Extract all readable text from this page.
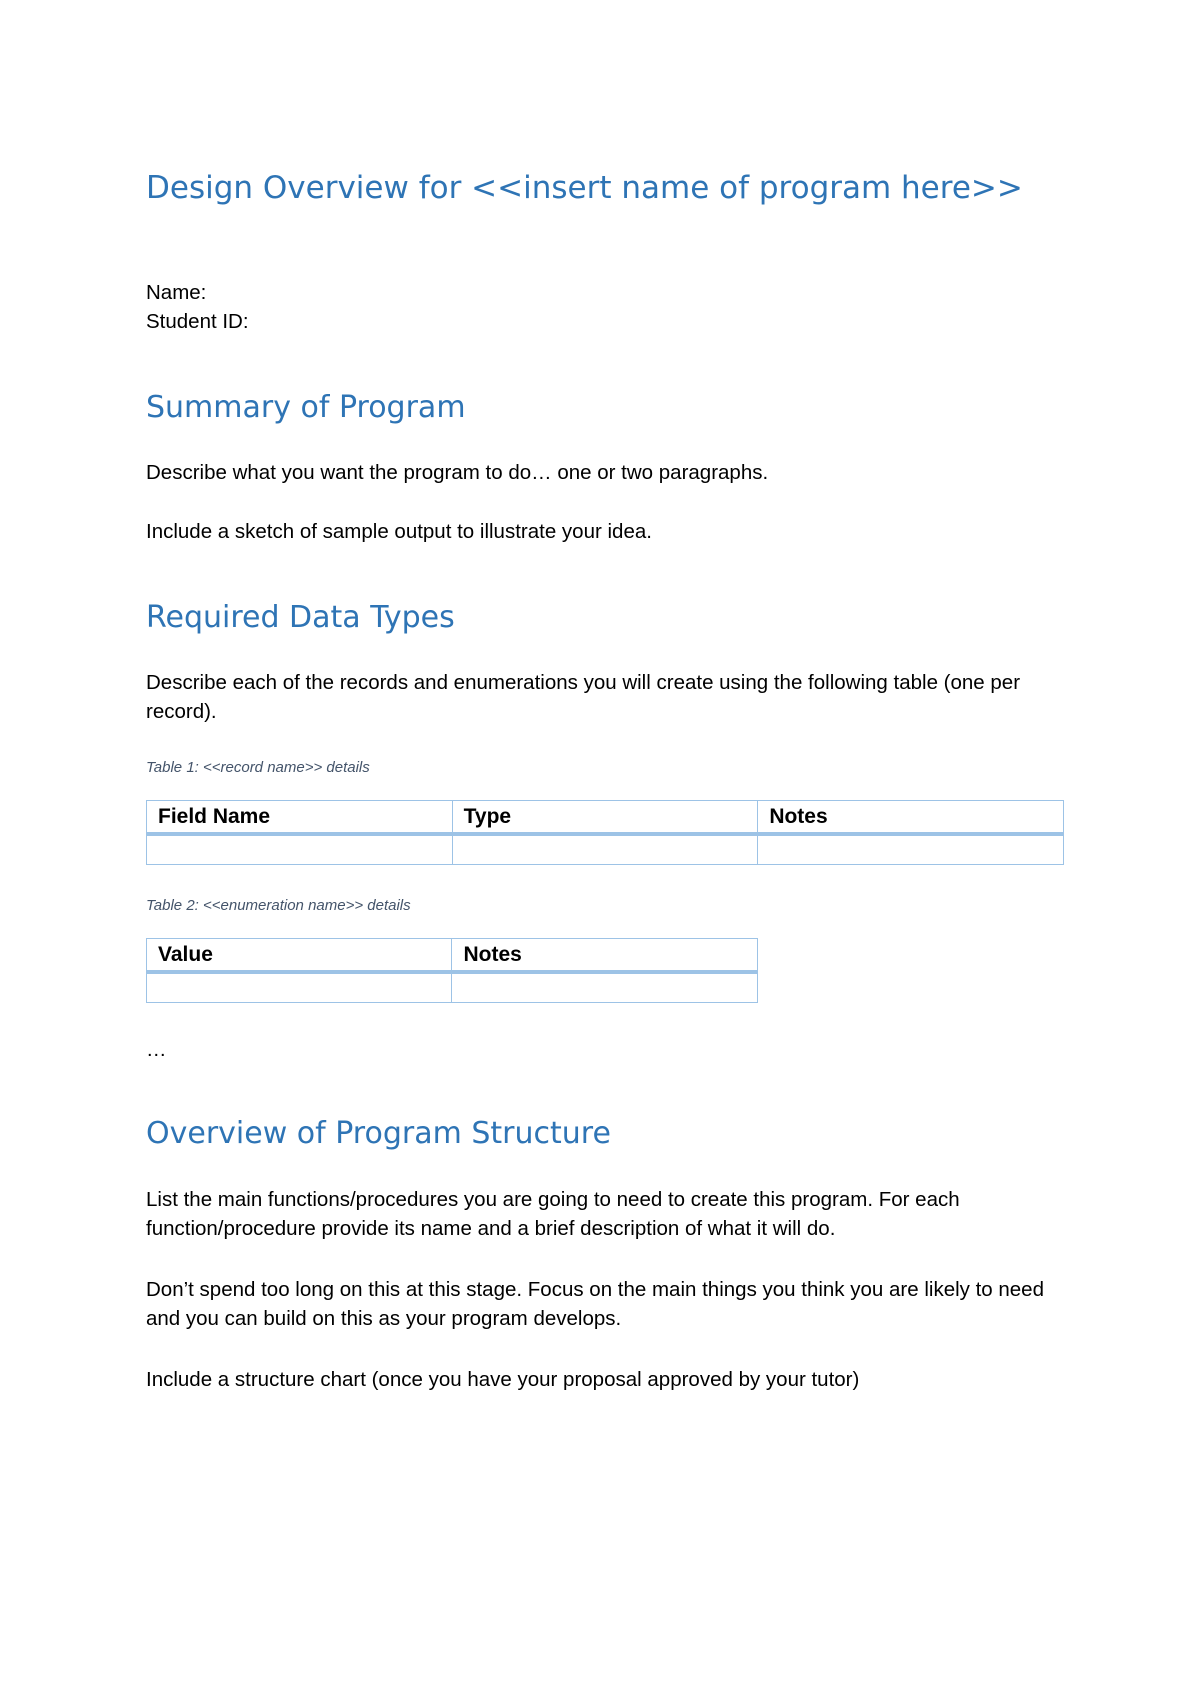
Design Overview for <<insert name of program here>>

Name:

Student ID:

Summary of Program

Describe what you want the program to do… one or two paragraphs.

Include a sketch of sample output to illustrate your idea.

Required Data Types

Describe each of the records and enumerations you will create using the following table (one per record).

Table 1: <<record name>> details

Field Name	Type	Notes

Table 2: <<enumeration name>> details

Value	Notes

…

Overview of Program Structure

List the main functions/procedures you are going to need to create this program. For each function/procedure provide its name and a brief description of what it will do.

Don’t spend too long on this at this stage. Focus on the main things you think you are likely to need and you can build on this as your program develops.

Include a structure chart (once you have your proposal approved by your tutor)
